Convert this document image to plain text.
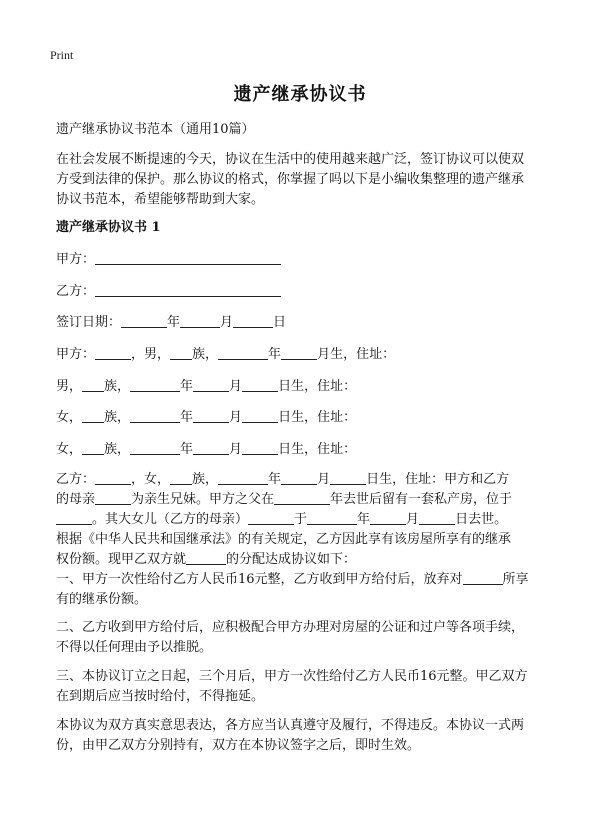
Print
遗产继承协议书
遗产继承协议书范本（通用10篇）
在社会发展不断提速的今天，协议在生活中的使用越来越广泛，签订协议可以使双
方受到法律的保护。那么协议的格式，你掌握了吗以下是小编收集整理的遗产继承
协议书范本，希望能够帮助到大家。
遗产继承协议书 1
甲方：
乙方：
签订日期：	年	月	日
甲方：	，男， 族，	年	月生，住址：
男， 族，	年	月	日生，住址：
女， 族，	年	月	日生，住址：
女， 族，	年	月	日生，住址：
乙方：	，女， 族，	年	月	日生，住址：甲方和乙方
的母亲	为亲生兄妹。甲方之父在	年去世后留有一套私产房，位于
。其大女儿（乙方的母亲）	于	年	月	日去世。
根据《中华人民共和国继承法》的有关规定，乙方因此享有该房屋所享有的继承
权份额。现甲乙双方就	的分配达成协议如下：
一、甲方一次性给付乙方人民币16元整，乙方收到甲方给付后，放弃对	所享
有的继承份额。
二、乙方收到甲方给付后，应积极配合甲方办理对房屋的公证和过户等各项手续，
不得以任何理由予以推脱。
三、本协议订立之日起，三个月后，甲方一次性给付乙方人民币16元整。甲乙双方
在到期后应当按时给付，不得拖延。
本协议为双方真实意思表达，各方应当认真遵守及履行，不得违反。本协议一式两
份，由甲乙双方分别持有，双方在本协议签字之后，即时生效。
